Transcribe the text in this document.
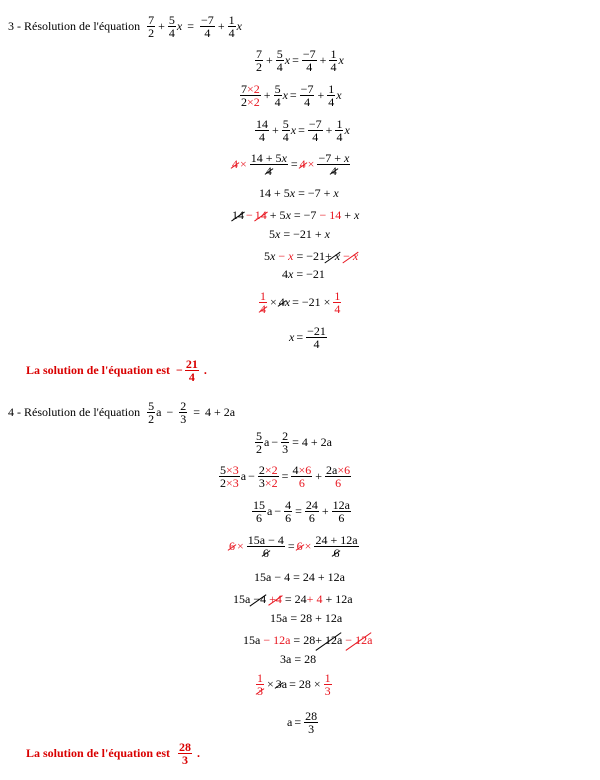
3 - Résolution de l'équation 7
$2 + \frac{5}{4}$ $x = \frac{-7}{4} + \frac{1}{4}$ x
7
$2 + \frac{5}{4}$ $x = \frac{-7}{4} + \frac{1}{4}$ x
7×2
$2\times 2 + \frac{5}{4}$ $x = \frac{-7}{4} + \frac{1}{4}$ x
14
$4 + \frac{5}{4}$ $x = \frac{-7}{4} + \frac{1}{4}$ x
$4 \times \frac{14 + 5x}{4} = 4 \times \frac{-7 + x}{4}$
14 + 5x = −7 + x
14 − 14 + 5x = −7 − 14 + x
5x = −21 + x
5x − x = −21 + x
− x
4x = −21
$\frac{1}{4} \times 4$ $x = -21 \times \frac{1}{4}$
$x = \frac{-21}{4}$
La solution de l'équation est − $\frac{21}{4}$ .
4 - Résolution de l'équation 5
2 $a - \frac{2}{3} = 4 + 2a$
5
2 $a - \frac{2}{3} = 4 + 2a$
5×3
2×3 $a - \frac{2\times 2}{3\times 2} = \frac{4\times 6}{6} + \frac{2a\times 6}{6}$
15
6 $a - \frac{4}{6} = \frac{24}{6} + \frac{12a}{6}$
$6 \times \frac{15a - 4}{6} = 6 \times \frac{24 + 12a}{6}$
15a − 4 = 24 + 12a
15a −4
+4 = 24 + 4 + 12a
15a = 28 + 12a
15a − 12a = 28 + 12a
− 12a
3a = 28
$\frac{1}{3} \times 3$ $a = 28 \times \frac{1}{3}$
$a = \frac{28}{3}$
La solution de l'équation est 28
3 .
